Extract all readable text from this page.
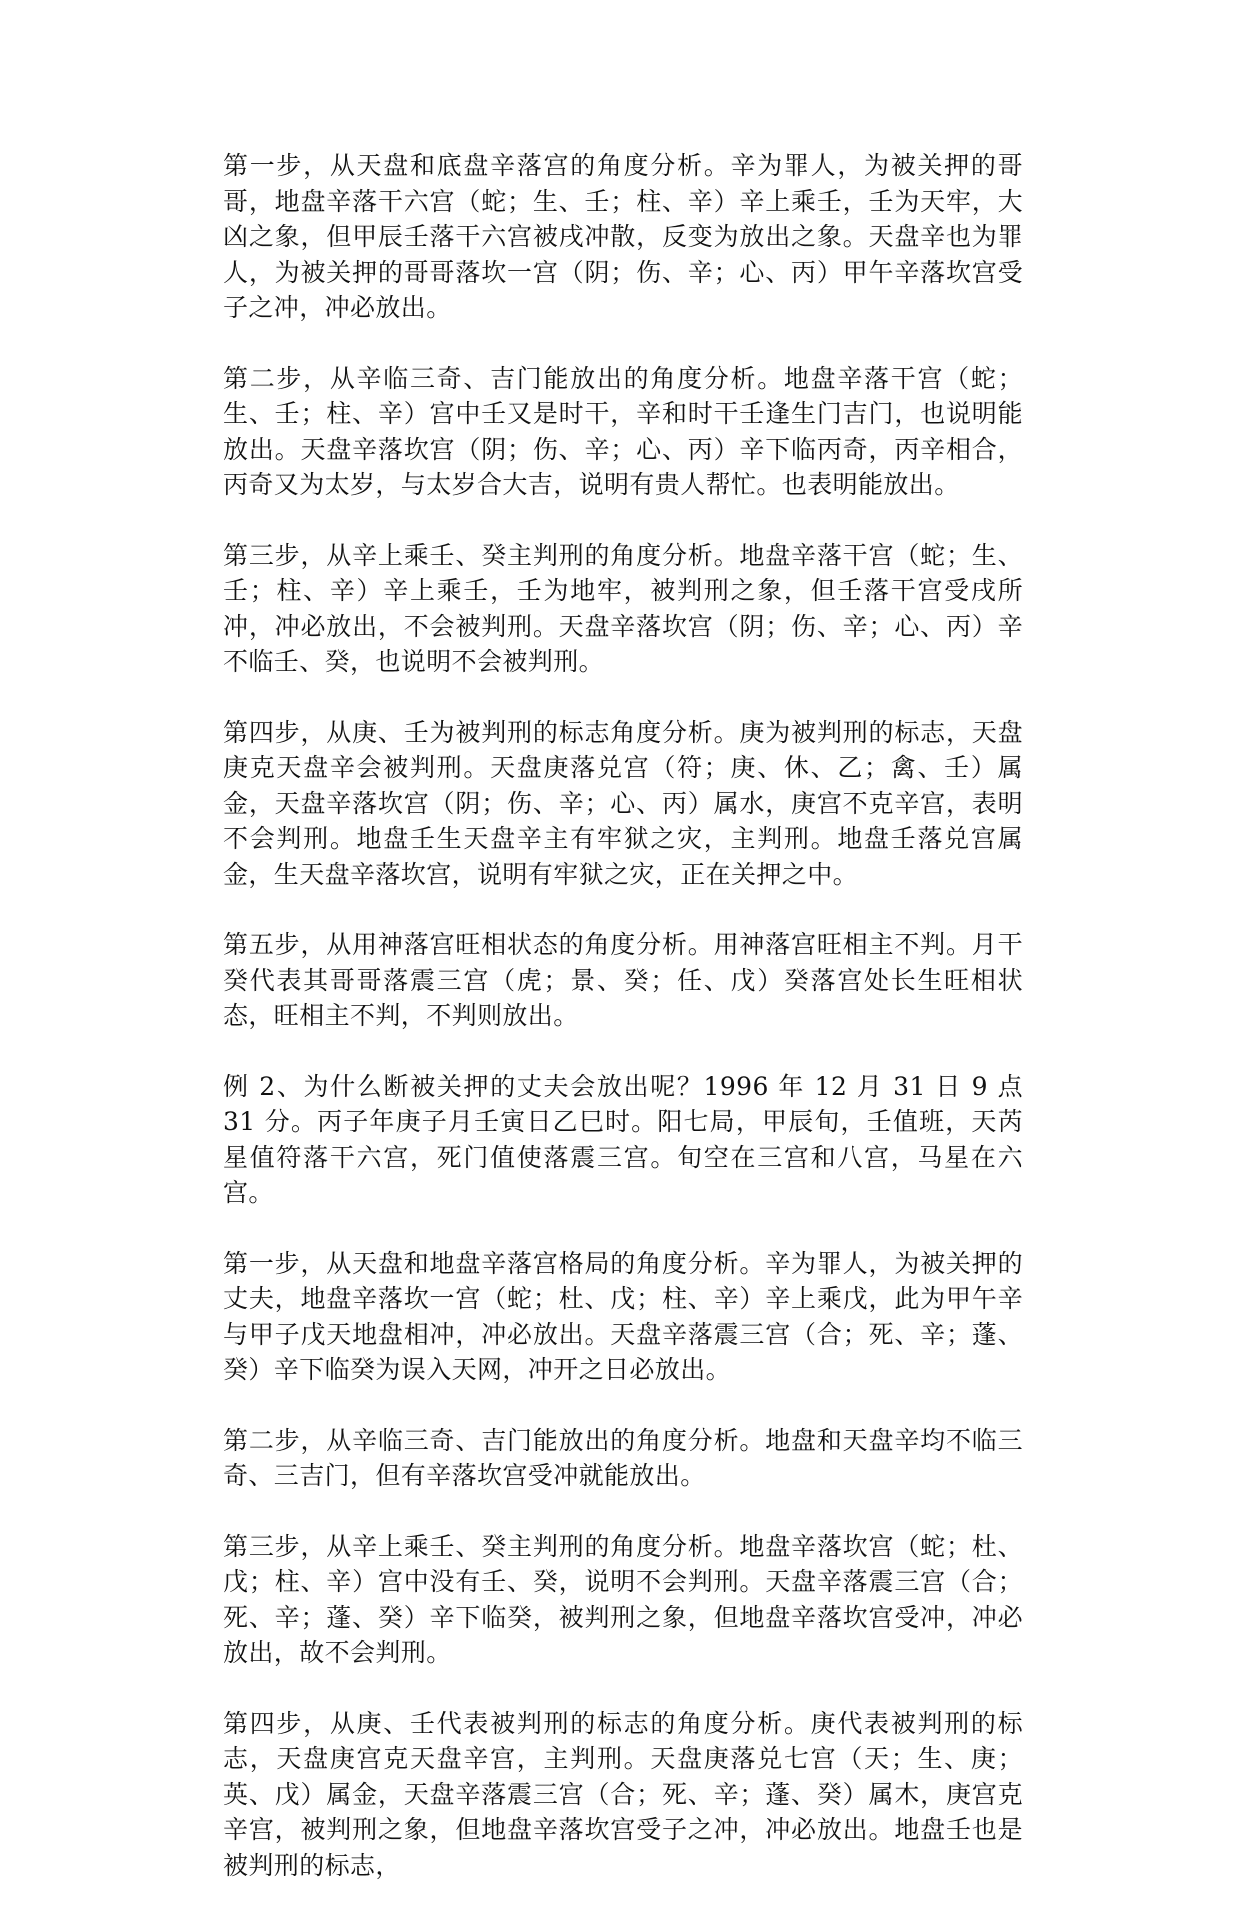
第一步，从天盘和底盘辛落宫的角度分析。辛为罪人，为被关押的哥哥，地盘辛落干六宫（蛇；生、壬；柱、辛）辛上乘壬，壬为天牢，大凶之象，但甲辰壬落干六宫被戌冲散，反变为放出之象。天盘辛也为罪人，为被关押的哥哥落坎一宫（阴；伤、辛；心、丙）甲午辛落坎宫受子之冲，冲必放出。

第二步，从辛临三奇、吉门能放出的角度分析。地盘辛落干宫（蛇；生、壬；柱、辛）宫中壬又是时干，辛和时干壬逢生门吉门，也说明能放出。天盘辛落坎宫（阴；伤、辛；心、丙）辛下临丙奇，丙辛相合，丙奇又为太岁，与太岁合大吉，说明有贵人帮忙。也表明能放出。

第三步，从辛上乘壬、癸主判刑的角度分析。地盘辛落干宫（蛇；生、壬；柱、辛）辛上乘壬，壬为地牢，被判刑之象，但壬落干宫受戌所冲，冲必放出，不会被判刑。天盘辛落坎宫（阴；伤、辛；心、丙）辛不临壬、癸，也说明不会被判刑。

第四步，从庚、壬为被判刑的标志角度分析。庚为被判刑的标志，天盘庚克天盘辛会被判刑。天盘庚落兑宫（符；庚、休、乙；禽、壬）属金，天盘辛落坎宫（阴；伤、辛；心、丙）属水，庚宫不克辛宫，表明不会判刑。地盘壬生天盘辛主有牢狱之灾，主判刑。地盘壬落兑宫属金，生天盘辛落坎宫，说明有牢狱之灾，正在关押之中。

第五步，从用神落宫旺相状态的角度分析。用神落宫旺相主不判。月干癸代表其哥哥落震三宫（虎；景、癸；任、戊）癸落宫处长生旺相状态，旺相主不判，不判则放出。

例 2、为什么断被关押的丈夫会放出呢？1996 年 12 月 31 日 9 点 31 分。丙子年庚子月壬寅日乙巳时。阳七局，甲辰旬，壬值班，天芮星值符落干六宫，死门值使落震三宫。旬空在三宫和八宫，马星在六宫。

第一步，从天盘和地盘辛落宫格局的角度分析。辛为罪人，为被关押的丈夫，地盘辛落坎一宫（蛇；杜、戊；柱、辛）辛上乘戊，此为甲午辛与甲子戊天地盘相冲，冲必放出。天盘辛落震三宫（合；死、辛；蓬、癸）辛下临癸为误入天网，冲开之日必放出。

第二步，从辛临三奇、吉门能放出的角度分析。地盘和天盘辛均不临三奇、三吉门，但有辛落坎宫受冲就能放出。

第三步，从辛上乘壬、癸主判刑的角度分析。地盘辛落坎宫（蛇；杜、戊；柱、辛）宫中没有壬、癸，说明不会判刑。天盘辛落震三宫（合；死、辛；蓬、癸）辛下临癸，被判刑之象，但地盘辛落坎宫受冲，冲必放出，故不会判刑。

第四步，从庚、壬代表被判刑的标志的角度分析。庚代表被判刑的标志，天盘庚宫克天盘辛宫，主判刑。天盘庚落兑七宫（天；生、庚；英、戊）属金，天盘辛落震三宫（合；死、辛；蓬、癸）属木，庚宫克辛宫，被判刑之象，但地盘辛落坎宫受子之冲，冲必放出。地盘壬也是被判刑的标志，
